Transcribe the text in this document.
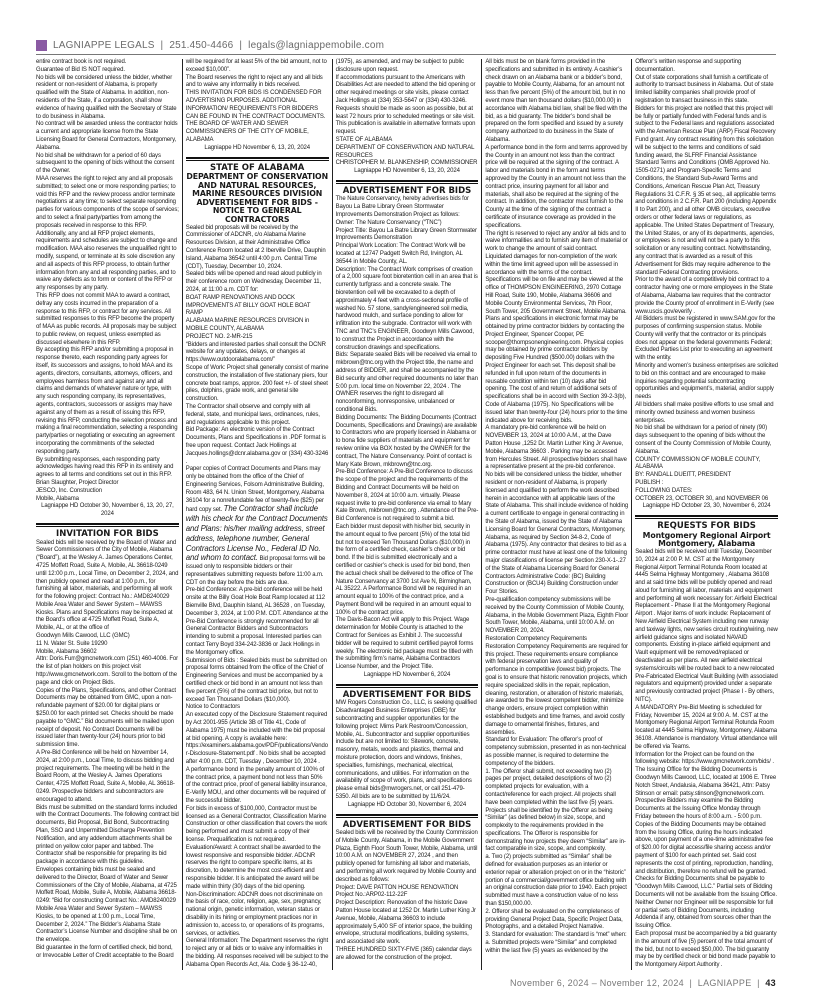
LAGNIAPPE LEGALS | 251.450-4466 | legals@lagniappemobile.com

entire contract book is not required.

Guarantee of Bid IS NOT required.

No bids will be considered unless the bidder, whether resident or non-resident of Alabama, is properly qualified with the State of Alabama. In addition, non-residents of the State, if a corporation, shall show evidence of having qualified with the Secretary of State to do business in Alabama.

No contract will be awarded unless the contractor holds a current and appropriate license from the State Licensing Board for General Contractors, Montgomery, Alabama.

No bid shall be withdrawn for a period of 60 days subsequent to the opening of bids without the consent of the Owner.

MAA reserves the right to reject any and all proposals submitted; to select one or more responding parties; to void this RFP and the review process and/or terminate negotiations at any time; to select separate responding parties for various components of the scope of services; and to select a final party/parties from among the proposals received in response to this RFP. Additionally, any and all RFP project elements, requirements and schedules are subject to change and modification. MAA also reserves the unqualified right to modify, suspend, or terminate at its sole discretion any and all aspects of this RFP process, to obtain further information from any and all responding parties, and to waive any defects as to form or content of the RFP or any responses by any party.

This RFP does not commit MAA to award a contract, defray any costs incurred in the preparation of a response to this RFP, or contract for any services. All submitted responses to this RFP become the property of MAA as public records. All proposals may be subject to public review, on request, unless exempted as discussed elsewhere in this RFP.

By accepting this RFP and/or submitting a proposal in response thereto, each responding party agrees for itself, its successors and assigns, to hold MAA and its agents, directors, consultants, attorneys, officers, and employees harmless from and against any and all claims and demands of whatever nature or type, with any such responding company, its representatives, agents, contractors, successors or assigns may have against any of them as a result of issuing this RFP, revising this RFP, conducting the selection process and making a final recommendation, selecting a responding party/parties or negotiating or executing an agreement incorporating the commitments of the selected responding party.

By submitting responses, each responding party acknowledges having read this RFP in its entirety and agrees to all terms and conditions set out in this RFP.

Brian Slaughter, Project Director

JESCO, Inc. Construction

Mobile, Alabama

Lagniappe HD October 30, November 6, 13, 20, 27, 2024

INVITATION FOR BIDS

Sealed bids will be received by the Board of Water and Sewer Commissioners of the City of Mobile, Alabama (“Board”), at the Wesley A. James Operations Center, 4725 Moffett Road, Suite A, Mobile, AL 36618-0249 until 12:00 p.m., Local Time, on December 2, 2024, and then publicly opened and read at 1:00 p.m., for furnishing all labor, materials, and performing all work for the following project: Contract No.: AMD8240029 Mobile Area Water and Sewer System – MAWSS Kiosks. Plans and Specifications may be inspected at the Board’s office at 4725 Moffett Road, Suite A, Mobile, AL, or at the office of

Goodwyn Mills Cawood, LLC (GMC)

11 N. Water St. Suite 19290

Mobile, Alabama 36602

Attn: Doris.Furr@gmcnetwork.com (251) 460-4006. For the list of plan holders on this project visit http://www.gmcnetwork.com. Scroll to the bottom of the page and click on Project Bids.

Copies of the Plans, Specifications, and other Contract Documents may be obtained from GMC, upon a non-refundable payment of $20.00 for digital plans or $250.00 for each printed set. Checks should be made payable to “GMC.” Bid documents will be mailed upon receipt of deposit. No Contract Documents will be issued later than twenty-four (24) hours prior to bid submission time.

A Pre-Bid Conference will be held on November 14, 2024, at 2:00 p.m., Local Time, to discuss bidding and project requirements. The meeting will be held in the Board Room, at the Wesley A. James Operations Center, 4725 Moffett Road, Suite A, Mobile, AL 36618-0249. Prospective bidders and subcontractors are encouraged to attend.

Bids must be submitted on the standard forms included with the Contract Documents. The following contract bid documents, Bid Proposal, Bid Bond, Subcontracting Plan, SSO and Unpermitted Discharge Prevention Notification, and any addendum attachments shall be printed on yellow color paper and tabbed. The Contractor shall be responsible for preparing its bid package in accordance with this guideline.

Envelopes containing bids must be sealed and delivered to the Director, Board of Water and Sewer Commissioners of the City of Mobile, Alabama, at 4725 Moffett Road, Mobile, Suite A, Mobile, Alabama 36618-0249: “Bid for constructing Contract No.: AMD8240029 Mobile Area Water and Sewer System – MAWSS Kiosks, to be opened at 1:00 p.m., Local Time, December 2, 2024.” The Bidder’s Alabama State Contractor’s License Number and discipline shall be on the envelope.

Bid guarantee in the form of certified check, bid bond, or Irrevocable Letter of Credit acceptable to the Board will be required for at least 5% of the bid amount, not to exceed $10,000”.

The Board reserves the right to reject any and all bids and to waive any informality in bids received.

THIS INVITATION FOR BIDS IS CONDENSED FOR ADVERTISING PURPOSES. ADDITIONAL INFORMATION/ REQUIREMENTS FOR BIDDERS CAN BE FOUND IN THE CONTRACT DOCUMENTS.

THE BOARD OF WATER AND SEWER COMMISSIONERS OF THE CITY OF MOBILE, ALABAMA

Lagniappe HD November 6, 13, 20, 2024

STATE OF ALABAMA
DEPARTMENT OF CONSERVATION AND NATURAL RESOURCES,
MARINE RESOURCES DIVISION
ADVERTISEMENT FOR BIDS -NOTICE TO GENERAL CONTRACTORS

Sealed bid proposals will be received by the Commissioner of ADCNR, c/o Alabama Marine Resources Division, at their Administrative Office Conference Room located at 2 Iberville Drive, Dauphin Island, Alabama 36542 until 4:00 p.m. Central Time (CDT), Tuesday, December 10, 2024.

Sealed bids will be opened and read aloud publicly in their conference room on Wednesday, December 11, 2024, at 11:00 a.m. CDT for:

BOAT RAMP RENOVATIONS AND DOCK IMPROVEMENTS AT BILLY GOAT HOLE BOAT RAMP

ALABAMA MARINE RESOURCES DIVISION in MOBILE COUNTY, ALABAMA

PROJECT NO. 2-MR-215

“Bidders and interested parties shall consult the DCNR website for any updates, delays, or changes at https://www.outdooralabama.com/”

Scope of Work: Project shall generally consist of marine construction, the installation of five stationary piers, four concrete boat ramps, approx. 200 feet +/- of steel sheet piles, dolphins, grade work, and general site construction.

The Contractor shall observe and comply with all federal, state, and municipal laws, ordinances, rules, and regulations applicable to this project.

Bid Package: An electronic version of the Contract Documents, Plans and Specifications in .PDF format is free upon request. Contact Jack Hollings at Jacques.hollings@dcnr.alabama.gov or (334) 430-3246 .

Paper copies of Contract Documents and Plans may only be obtained from the office of the Chief of Engineering Services, Folsom Administrative Building, Room 483, 64 N. Union Street, Montgomery, Alabama 36104 for a nonrefundable fee of twenty-five ($25) per hard copy set. The Contractor shall include with his check for the Contract Documents and Plans: his/her mailing address, street address, telephone number, General Contractors License No., Federal ID No. and whom to contact. Bid proposal forms will be issued only to responsible bidders or their representatives submitting requests before 11:00 a.m. CDT on the day before the bids are due.

Pre-bid Conference: A pre-bid conference will be held onsite at the Billy Goat Hole Boat Ramp located at 112 Bienville Blvd, Dauphin Island, AL 36528 , on Tuesday, December 3, 2024, at 1:00 P.M. CDT. Attendance at the Pre-Bid Conference is strongly recommended for all General Contractor Bidders and Subcontractors intending to submit a proposal. Interested parties can contact Terry Boyd 334-242-3836 or Jack Hollings in the Montgomery office.

Submission of Bids : Sealed bids must be submitted on proposal forms obtained from the office of the Chief of Engineering Services and must be accompanied by a certified check or bid bond in an amount not less than five percent (5%) of the contract bid price, but not to exceed Ten Thousand Dollars ($10,000).

Notice to Contractors

An executed copy of the Disclosure Statement required by Act 2001-955 (Article 3B of Title 41, Code of Alabama 1975) must be included with the bid proposal at bid opening. A copy is available here: https://examiners.alabama.gov/PDF/publications/Vendor-Disclosure-Statement.pdf . No bids shall be accepted after 4:00 p.m. CDT, Tuesday , December 10, 2024 .

A performance bond in the penalty amount of 100% of the contract price, a payment bond not less than 50% of the contract price, proof of general liability insurance, E-Verify MOU, and other documents will be required of the successful bidder.

For bids in excess of $100,000, Contractor must be licensed as a General Contractor, Classification Marine Construction or other classification that covers the work being performed and must submit a copy of their license. Prequalification is not required.

Evaluation/Award: A contract shall be awarded to the lowest responsive and responsible bidder. ADCNR reserves the right to compare specific items, at its discretion, to determine the most cost-efficient and responsible bidder. It is anticipated the award will be made within thirty (30) days of the bid opening.

Non-Discrimination: ADCNR does not discriminate on the basis of race, color, religion, age, sex, pregnancy, national origin, genetic information, veteran status or disability in its hiring or employment practices nor in admission to, access to, or operations of its programs, services, or activities.

General Information: The Department reserves the right to reject any or all bids or to waive any informalities in the bidding. All responses received will be subject to the Alabama Open Records Act, Ala. Code § 36-12-40, (1975), as amended, and may be subject to public disclosure upon request.

If accommodations pursuant to the Americans with Disabilities Act are needed to attend the bid opening or other required meetings or site visits, please contact Jack Hollings at (334) 353-5647 or (334) 430-3246. Requests should be made as soon as possible, but at least 72 hours prior to scheduled meetings or site visit. This publication is available in alternative formats upon request.

STATE OF ALABAMA

DEPARTMENT OF CONSERVATION AND NATURAL RESOURCES

CHRISTOPHER M. BLANKENSHIP, COMMISSIONER

Lagniappe HD November 6, 13, 20, 2024

ADVERTISEMENT FOR BIDS

The Nature Conservancy, hereby advertises bids for Bayou La Batre Library Green Stormwater Improvements Demonstration Project as follows:

Owner: The Nature Conservancy (“TNC”)

Project Title: Bayou La Batre Library Green Stormwater Improvements Demonstration

Principal Work Location: The Contract Work will be located at 12747 Padgett Switch Rd, Irvington, AL 36544 in Mobile County, AL.

Description: The Contract Work comprises of creation of a 2,000 square foot bioretention cell in an area that is currently turfgrass and a concrete swale. The bioretention cell will be excavated to a depth of approximately 4 feet with a cross-sectional profile of washed No. 57 stone, sandy/engineered soil media, hardwood mulch, and surface ponding to allow for infiltration into the subgrade. Contractor will work with TNC and TNC’s ENGINEER, Goodwyn Mills Cawood, to construct the Project in accordance with the construction drawings and specifications.

Bids: Separate sealed Bids will be received via email to mkbrown@tnc.org with the Project title, the name and address of BIDDER, and shall be accompanied by the Bid security and other required documents no later than 5:00 p.m. local time on November 22, 2024 . The OWNER reserves the right to disregard all nonconforming, nonresponsive, unbalanced or conditional Bids.

Bidding Documents: The Bidding Documents (Contract Documents, Specifications and Drawings) are available to Contractors who are properly licensed in Alabama or to bona fide suppliers of materials and equipment for review online via BOX hosted by the OWNER for the contract, The Nature Conservancy. Point of contact is Mary Kate Brown, mkbrown@tnc.org.

Pre-Bid Conference: A Pre-Bid Conference to discuss the scope of the project and the requirements of the Bidding and Contract Documents will be held on November 8, 2024 at 10:00 a.m. virtually. Please request invite to pre-bid conference via email to Mary Kate Brown, mkbrown@tnc.org . Attendance of the Pre-Bid Conference is not required to submit a bid.

Each bidder must deposit with his/her bid, security in the amount equal to five percent (5%) of the total bid but not to exceed Ten Thousand Dollars ($10,000) in the form of a certified check, cashier’s check or bid bond. If the bid is submitted electronically and a certified or cashier’s check is used for bid bond, then the actual check shall be delivered to the office of The Nature Conservancy at 3700 1st Ave N, Birmingham, AL 35222. A Performance Bond will be required in an amount equal to 100% of the contract price, and a Payment Bond will be required in an amount equal to 100% of the contract price.

The Davis-Bacon Act will apply to this Project. Wage determination for Mobile County is attached to the Contract for Services as Exhibit J. The successful bidder will be required to submit certified payroll forms weekly. The electronic bid package must be titled with the submitting firm’s name, Alabama Contractors License Number, and the Project Title.

Lagniappe HD November 6, 2024

ADVERTISEMENT FOR BIDS

MW Rogers Construction Co., LLC, is seeking qualified Disadvantaged Business Enterprises (DBE) for subcontracting and supplier opportunities for the following project: Mims Park Restroom/Concession, Mobile, AL. Subcontractor and supplier opportunities include but are not limited to: Sitework, concrete, masonry, metals, woods and plastics, thermal and moisture protection, doors and windows, finishes, specialties, furnishings, mechanical, electrical, communications, and utilities. For information on the availability of scope of work, plans, and specifications please email bids@mwrogers.net, or call 251-479-5350. All bids are to be submitted by 11/6/24.

Lagniappe HD October 30, November 6, 2024

ADVERTISEMENT FOR BIDS

Sealed bids will be received by the County Commission of Mobile County, Alabama, in the Mobile Government Plaza, Eighth Floor South Tower, Mobile, Alabama, until 10:00 A.M. on NOVEMBER 27, 2024 , and then publicly opened for furnishing all labor and materials, and performing all work required by Mobile County and described as follows:

Project: DAVE PATTON HOUSE RENOVATION

Project No.:ARP02-112-22F

Project Description: Renovation of the historic Dave Patton House located at 1252 Dr. Martin Luther King Jr Avenue, Mobile, Alabama 36603 to include approximately 5,400 SF of interior space, the building envelope, structural modifications, building systems, and associated site work.

THREE HUNDRED SIXTY-FIVE (365) calendar days are allowed for the construction of the project.

All bids must be on blank forms provided in the specifications and submitted in its entirety. A cashier’s check drawn on an Alabama bank or a bidder’s bond, payable to Mobile County, Alabama, for an amount not less than five percent (5%) of the amount bid, but in no event more than ten thousand dollars ($10,000.00) in accordance with Alabama bid law, shall be filed with the bid, as a bid guaranty. The bidder’s bond shall be prepared on the form specified and issued by a surety company authorized to do business in the State of Alabama.

A performance bond in the form and terms approved by the County in an amount not less than the contract price will be required at the signing of the contract. A labor and materials bond in the form and terms approved by the County in an amount not less than the contract price, insuring payment for all labor and materials, shall also be required at the signing of the contract. In addition, the contractor must furnish to the County at the time of the signing of the contract a certificate of insurance coverage as provided in the specifications.

The right is reserved to reject any and/or all bids and to waive informalities and to furnish any item of material or work to change the amount of said contract.

Liquidated damages for non-completion of the work within the time limit agreed upon will be assessed in accordance with the terms of the contract.

Specifications will be on file and may be viewed at the office of THOMPSON ENGINEERING, 2970 Cottage Hill Road, Suite 190, Mobile, Alabama 36606 and Mobile County Environmental Services, 7th Floor, South Tower, 205 Government Street, Mobile Alabama. Plans and specifications in electronic format may be obtained by prime contractor bidders by contacting the Project Engineer, Spencer Cooper, PE scooper@thompsonengineering.com. Physical copies may be obtained by prime contractor bidders by depositing Five Hundred ($500.00) dollars with the Project Engineer for each set. This deposit shall be refunded in full upon return of the documents in reusable condition within ten (10) days after bid opening. The cost of and return of additional sets of specifications shall be in accord with Section 39-2-3(b), Code of Alabama (1975). No Specifications will be issued later than twenty-four (24) hours prior to the time indicated above for receiving bids.

A mandatory pre-bid conference will be held on NOVEMBER 13, 2024 at 10:00 A.M., at the Dave Patton House ,1252 Dr. Martin Luther King Jr Avenue, Mobile, Alabama 36603 . Parking may be accessed from Hercules Street. All prospective bidders shall have a representative present at the pre-bid conference.

No bids will be considered unless the bidder, whether resident or non-resident of Alabama, is properly licensed and qualified to perform the work described herein in accordance with all applicable laws of the State of Alabama. This shall include evidence of holding a current certificate to engage in general contracting in the State of Alabama, issued by the State of Alabama Licensing Board for General Contractors, Montgomery, Alabama, as required by Section 34-8-2, Code of Alabama (1975). Any contractor that desires to bid as a prime contractor must have at least one of the following major classifications of license per Section 230-X-1-.27 of the State of Alabama Licensing Board for General Contractors Administrative Code: (BC) Building Construction or (BCU4) Building Construction under Four Stories.

Pre-qualification competency submissions will be received by the County Commission of Mobile County, Alabama, in the Mobile Government Plaza, Eighth Floor South Tower, Mobile, Alabama, until 10:00 A.M. on NOVEMBER 20, 2024.

Restoration Competency Requirements

Restoration Competency Requirements are required for this project. These requirements ensure compliance with federal preservation laws and quality of performance in competitive (lowest bid) projects. The goal is to ensure that historic renovation projects, which require specialized skills in the repair, replication, cleaning, restoration, or alteration of historic materials, are awarded to the lowest competent bidder, minimize change orders, ensure project completion within established budgets and time frames, and avoid costly damage to ornamental finishes, fixtures, and assemblies.

Standard for Evaluation: The offeror’s proof of competency submission, presented in as non-technical as possible manner, is required to determine the competency of the bidders.

1. The Offeror shall submit, not exceeding two (2) pages per project, detailed descriptions of two (2) completed projects for evaluation, with a contact/reference for each project. All projects shall have been completed within the last five (5) years. Projects shall be identified by the Offeror as being “Similar” (as defined below) in size, scope, and complexity to the requirements provided in the specifications. The Offeror is responsible for demonstrating how projects they deem “Similar” are in-fact comparable in size, scope, and complexity.

a. Two (2) projects submitted as “Similar” shall be defined for evaluation purposes as an interior or exterior repair or alteration project on or in the “historic” portion of a commercial/government office building with an original construction date prior to 1940. Each project submitted must have a construction value of no less than $150,000.00.

2. Offeror shall be evaluated on the completeness of providing General Project Data, Specific Project Data, Photographs, and a detailed Project Narrative.

3. Standard for evaluation: The standard is “met” when:

a. Submitted projects were “Similar” and completed within the last five (5) years as evidenced by the Offeror’s written response and supporting documentation.

Out of state corporations shall furnish a certificate of authority to transact business in Alabama. Out of state limited liability companies shall provide proof of registration to transact business in this state.

Bidders for this project are notified that this project will be fully or partially funded with Federal funds and is subject to the Federal laws and regulations associated with the American Rescue Plan (ARP) Fiscal Recovery Fund grant. Any contract resulting from this solicitation will be subject to the terms and conditions of said funding award, the SLFRF Financial Assistance Standard Terms and Conditions (OMB Approved No. 1505-0271) and Program-Specific Terms and Conditions, the Standard Sub-Award Terms and Conditions, American Rescue Plan Act, Treasury Regulations 31 C.F.R. § 35 et seq., all applicable terms and conditions in 2 C.F.R. Part 200 (including Appendix II to Part 200), and all other OMB circulars, executive orders or other federal laws or regulations, as applicable. The United States Department of Treasury, the United States, or any of its departments, agencies, or employees is not and will not be a party to this solicitation or any resulting contract. Notwithstanding, any contract that is awarded as a result of this Advertisement for Bids may require adherence to the standard Federal Contracting provisions.

Prior to the award of a competitively bid contract to a contractor having one or more employees in the State of Alabama, Alabama law requires that the contractor provide the County proof of enrollment in E-Verify (see www.uscis.gov/everify .

All Bidders must be registered in www.SAM.gov for the purposes of confirming suspension status. Mobile County will verify that the contractor or its principals does not appear on the federal governments Federal; Excluded Parties List prior to executing an agreement with the entity.

Minority and women’s business enterprises are solicited to bid on this contract and are encouraged to make inquiries regarding potential subcontracting opportunities and equipment’s, material, and/or supply needs

All bidders shall make positive efforts to use small and minority owned business and women business enterprises.

No bid shall be withdrawn for a period of ninety (90) days subsequent to the opening of bids without the consent of the County Commission of Mobile County, Alabama.

COUNTY COMMISSION OF MOBILE COUNTY, ALABAMA

BY: RANDALL DUEITT, PRESIDENT

PUBLISH :

FOLLOWING DATES:

OCTOBER 23, OCTOBER 30, and NOVEMBER 06

Lagniappe HD October 23, 30, November 6, 2024

REQUESTS FOR BIDS
Montgomery Regional Airport
Montgomery, Alabama

Sealed bids will be received until Tuesday, December 10, 2024 at 2:00 P. M. CST at the Montgomery Regional Airport Terminal Rotunda Room located at 4445 Selma Highway Montgomery , Alabama 36108 and at said time bids will be publicly opened and read aloud for furnishing all labor, materials and equipment and performing all work necessary for: Airfield Electrical Replacement - Phase II at the Montgomery Regional Airport . Major items of work include: Replacement of New Airfield Electrical System including new runway and taxiway lights, new series circuit routing/wiring, new airfield guidance signs and isolated NAVAID components. Existing in-place airfield equipment and Vault equipment will be removed/replaced or deactivated as per plans. All new airfield electrical systems/circuits will be routed back to a new relocated Pre-Fabricated Electrical Vault Building (with associated regulators and equipment) provided under a separate and previously contracted project (Phase I - By others, NITC).

A MANDATORY Pre-Bid Meeting is scheduled for Friday, November 15, 2024 at 9:00 A. M. CST at the Montgomery Regional Airport Terminal Rotunda Room located at 4445 Selma Highway, Montgomery, Alabama 36108. Attendance is mandatory. Virtual attendance will be offered via Teams.

Information for the Project can be found on the following website: https://www.gmcnetwork.com/bids/ .

The Issuing Office for the Bidding Documents is Goodwyn Mills Cawood, LLC, located at 1906 E. Three Notch Street, Andalusia, Alabama 36421, Attn: Patsy Stinson or email: patsy.stinson@gmcnetwork.com. Prospective Bidders may examine the Bidding Documents at the Issuing Office Monday through Friday between the hours of 8:00 a.m. - 5:00 p.m.

Copies of the Bidding Documents may be obtained from the Issuing Office, during the hours indicated above, upon payment of a one-time administrative fee of $20.00 for digital access/file sharing access and/or payment of $100 for each printed set. Said cost represents the cost of printing, reproduction, handling, and distribution, therefore no refund will be granted. Checks for Bidding Documents shall be payable to “Goodwyn Mills Cawood, LLC.” Partial sets of Bidding Documents will not be available from the Issuing Office. Neither Owner nor Engineer will be responsible for full or partial sets of Bidding Documents, including Addenda if any, obtained from sources other than the Issuing Office.

Each proposal must be accompanied by a bid guaranty in the amount of five (5) percent of the total amount of the bid, but not to exceed $50,000. The bid guaranty may be by certified check or bid bond made payable to the Montgomery Airport Authority .

November 6, 2024 – November 12, 2024  |  LAGNIAPPE  |  43
